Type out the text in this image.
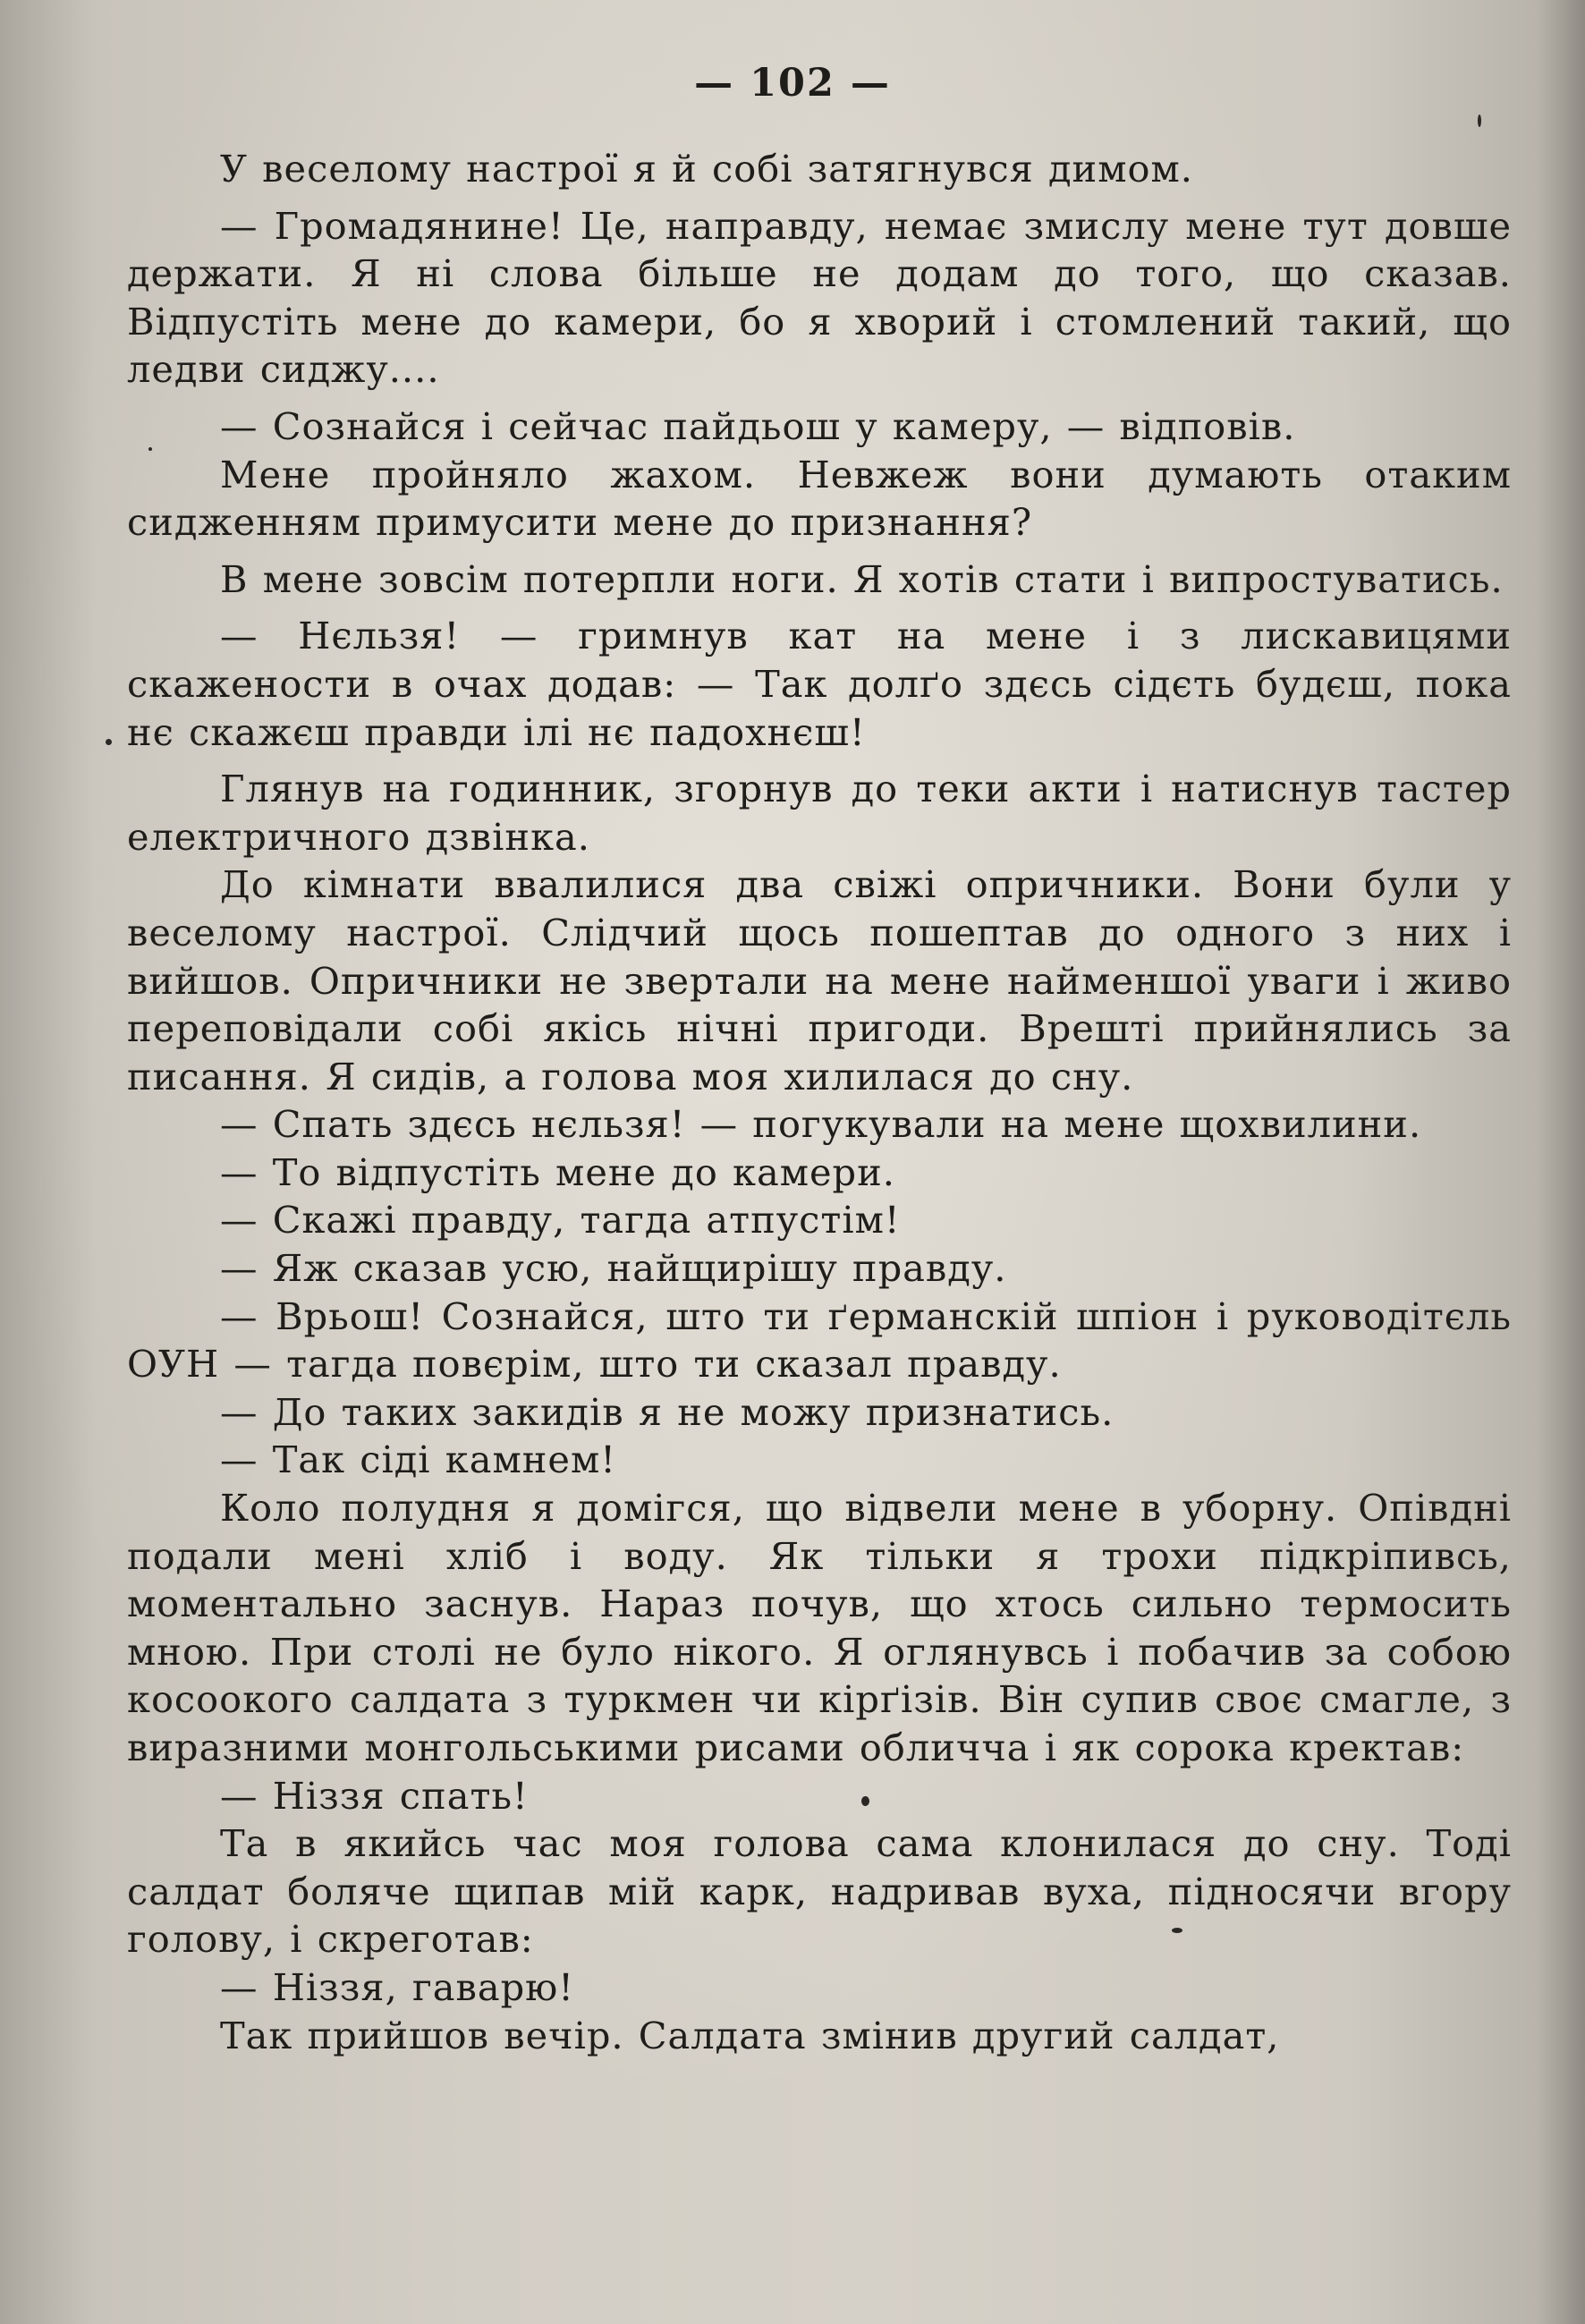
— 102 —

У веселому настрої я й собі затягнувся димом.

— Громадянине! Це, направду, немає змислу мене тут довше держати. Я ні слова більше не додам до того, що сказав. Відпустіть мене до камери, бо я хворий і стомлений такий, що ледви сиджу....

— Сознайся і сейчас пайдьош у камеру, — відповів.

Мене пройняло жахом. Невжеж вони думають отаким сидженням примусити мене до признання?

В мене зовсім потерпли ноги. Я хотів стати і випростуватись.

— Нєльзя! — гримнув кат на мене і з лискавицями скажености в очах додав: — Так долґо здєсь сідєть будєш, пока нє скажєш правди ілі нє падохнєш!

Глянув на годинник, згорнув до теки акти і натиснув тастер електричного дзвінка.

До кімнати ввалилися два свіжі опричники. Вони були у веселому настрої. Слідчий щось пошептав до одного з них і вийшов. Опричники не звертали на мене найменшої уваги і живо переповідали собі якісь нічні пригоди. Врешті прийнялись за писання. Я сидів, а голова моя хилилася до сну.

— Спать здєсь нєльзя! — погукували на мене щохвилини.

— То відпустіть мене до камери.

— Скажі правду, тагда атпустім!

— Яж сказав усю, найщирішу правду.

— Врьош! Сознайся, што ти ґерманскій шпіон і руководітєль ОУН — тагда повєрім, што ти сказал правду.

— До таких закидів я не можу признатись.

— Так сіді камнем!

Коло полудня я домігся, що відвели мене в уборну. Опівдні подали мені хліб і воду. Як тільки я трохи підкріпивсь, моментально заснув. Нараз почув, що хтось сильно термосить мною. При столі не було нікого. Я оглянувсь і побачив за собою косоокого салдата з туркмен чи кірґізів. Він супив своє смагле, з виразними монгольськими рисами обличча і як сорока кректав:

— Ніззя спать!

Та в якийсь час моя голова сама клонилася до сну. Тоді салдат боляче щипав мій карк, надривав вуха, підносячи вгору голову, і скреготав:

— Ніззя, гаварю!

Так прийшов вечір. Салдата змінив другий салдат,
